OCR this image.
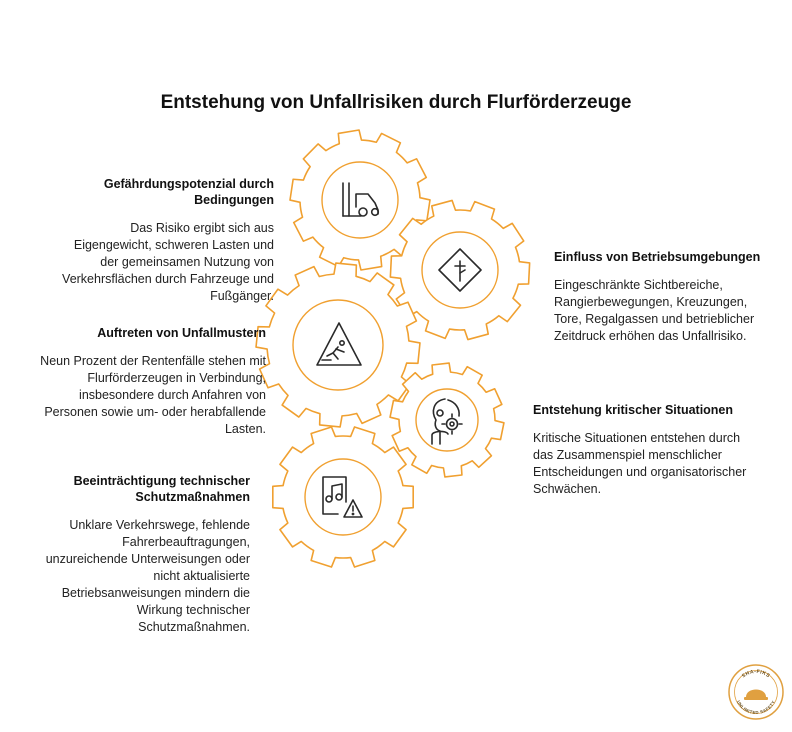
Entstehung von Unfallrisiken durch Flurförderzeuge
Gefährdungspotenzial durch Bedingungen

Das Risiko ergibt sich aus Eigengewicht, schweren Lasten und der gemeinsamen Nutzung von Verkehrsflächen durch Fahrzeuge und Fußgänger.

Auftreten von Unfallmustern

Neun Prozent der Rentenfälle stehen mit Flurförderzeugen in Verbindung, insbesondere durch Anfahren von Personen sowie um- oder herabfallende Lasten.

Beeinträchtigung technischer Schutzmaßnahmen

Unklare Verkehrswege, fehlende Fahrerbeauftragungen, unzureichende Unterweisungen oder nicht aktualisierte Betriebsanweisungen mindern die Wirkung technischer Schutzmaßnahmen.

Einfluss von Betriebsumgebungen

Eingeschränkte Sichtbereiche, Rangierbewegungen, Kreuzungen, Tore, Regalgassen und betrieblicher Zeitdruck erhöhen das Unfallrisiko.

Entstehung kritischer Situationen

Kritische Situationen entstehen durch das Zusammenspiel menschlicher Entscheidungen und organisatorischer Schwächen.

SHA-FIKS
UNLIMITED SAFETY
